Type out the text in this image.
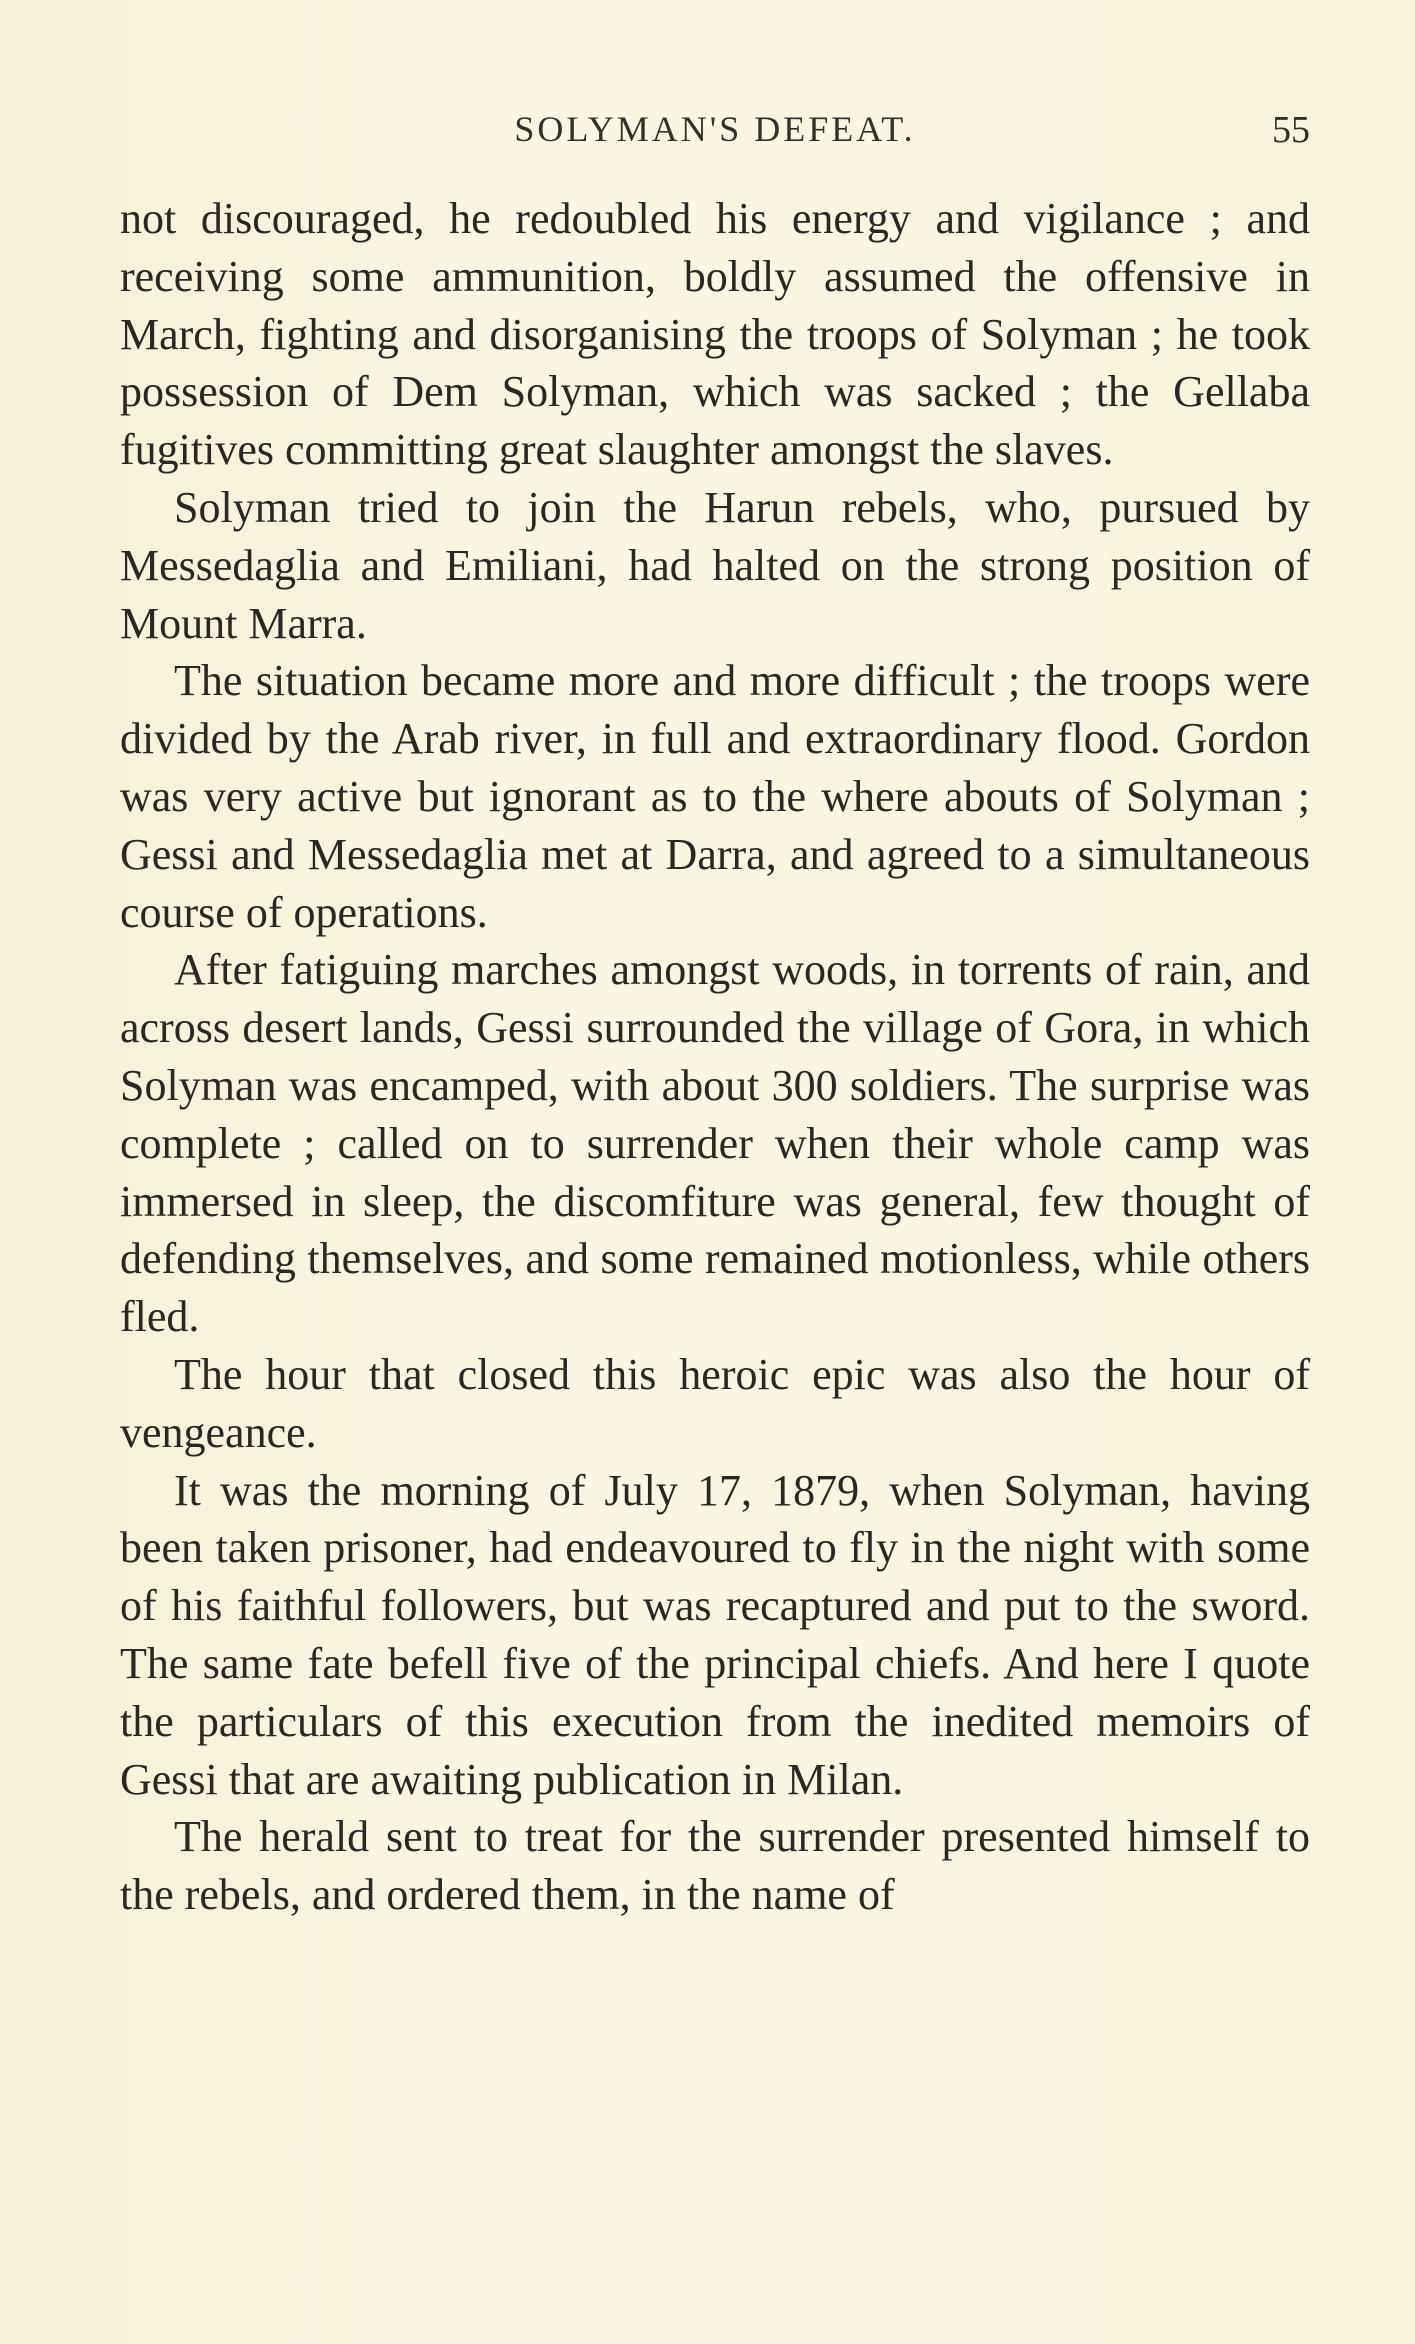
SOLYMAN'S DEFEAT.	55

not discouraged, he redoubled his energy and vigilance ; and receiving some ammunition, boldly assumed the offensive in March, fighting and disorganising the troops of Solyman ; he took possession of Dem Solyman, which was sacked ; the Gellaba fugitives committing great slaughter amongst the slaves.

Solyman tried to join the Harun rebels, who, pursued by Messedaglia and Emiliani, had halted on the strong position of Mount Marra.

The situation became more and more difficult ; the troops were divided by the Arab river, in full and extraordinary flood. Gordon was very active but ignorant as to the where abouts of Solyman ; Gessi and Messedaglia met at Darra, and agreed to a simultaneous course of operations.

After fatiguing marches amongst woods, in torrents of rain, and across desert lands, Gessi surrounded the village of Gora, in which Solyman was encamped, with about 300 soldiers. The surprise was complete ; called on to surrender when their whole camp was immersed in sleep, the discomfiture was general, few thought of defending themselves, and some remained motionless, while others fled.

The hour that closed this heroic epic was also the hour of vengeance.

It was the morning of July 17, 1879, when Solyman, having been taken prisoner, had endeavoured to fly in the night with some of his faithful followers, but was recaptured and put to the sword. The same fate befell five of the principal chiefs. And here I quote the particulars of this execution from the inedited memoirs of Gessi that are awaiting publication in Milan.

The herald sent to treat for the surrender presented himself to the rebels, and ordered them, in the name of
